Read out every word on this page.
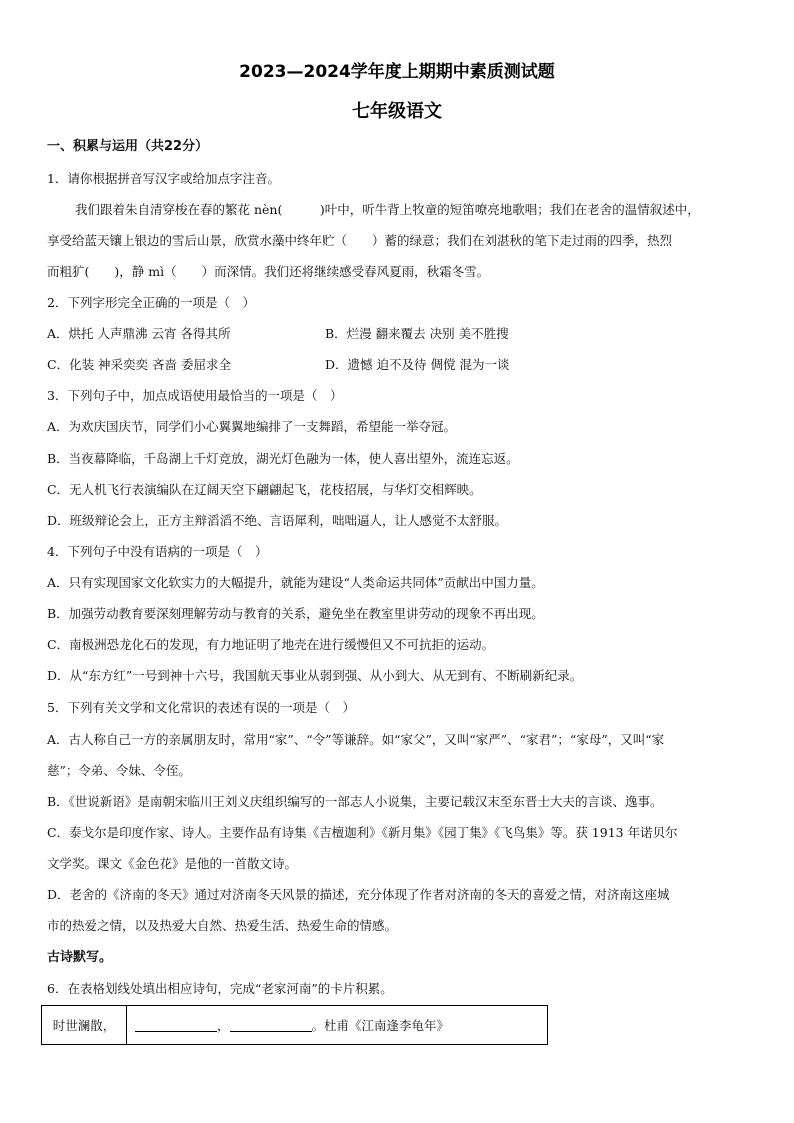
2023—2024学年度上期期中素质测试题
七年级语文
一、积累与运用（共22分）
1．请你根据拼音写汉字或给加点字注音。
我们跟着朱自清穿梭在春的繁花 nèn(　　　)叶中，听牛背上牧童的短笛嘹亮地歌唱；我们在老舍的温情叙述中，
享受给蓝天镶上银边的雪后山景，欣赏水藻中终年贮（　　）蓄的绿意；我们在刘湛秋的笔下走过雨的四季，热烈
而粗犷(　　)，静 mì（　　）而深情。我们还将继续感受春风夏雨，秋霜冬雪。
2．下列字形完全正确的一项是（　）
A．烘托 人声鼎沸 云宵 各得其所	B．烂漫 翻来覆去 决别 美不胜搜
C．化装 神采奕奕 吝啬 委屈求全	D．遗憾 迫不及待 倜傥 混为一谈
3．下列句子中，加点成语使用最恰当的一项是（　）
A．为欢庆国庆节，同学们小心翼翼地编排了一支舞蹈，希望能一举夺冠。
B．当夜幕降临，千岛湖上千灯竞放，湖光灯色融为一体，使人喜出望外，流连忘返。
C．无人机飞行表演编队在辽阔天空下翩翩起飞，花枝招展，与华灯交相辉映。
D．班级辩论会上，正方主辩滔滔不绝、言语犀利，咄咄逼人，让人感觉不太舒服。
4．下列句子中没有语病的一项是（　）
A．只有实现国家文化软实力的大幅提升，就能为建设“人类命运共同体”贡献出中国力量。
B．加强劳动教育要深刻理解劳动与教育的关系，避免坐在教室里讲劳动的现象不再出现。
C．南极洲恐龙化石的发现，有力地证明了地壳在进行缓慢但又不可抗拒的运动。
D．从“东方红”一号到神十六号，我国航天事业从弱到强、从小到大、从无到有、不断刷新纪录。
5．下列有关文学和文化常识的表述有误的一项是（　）
A．古人称自己一方的亲属朋友时，常用“家”、“令”等谦辞。如“家父”，又叫“家严”、“家君”；“家母”，又叫“家
慈”；令弟、令妹、令侄。
B．《世说新语》是南朝宋临川王刘义庆组织编写的一部志人小说集，主要记载汉末至东晋士大夫的言谈、逸事。
C．泰戈尔是印度作家、诗人。主要作品有诗集《吉檀迦利》《新月集》《园丁集》《飞鸟集》等。获 1913 年诺贝尔
文学奖。课文《金色花》是他的一首散文诗。
D．老舍的《济南的冬天》通过对济南冬天风景的描述，充分体现了作者对济南的冬天的喜爱之情，对济南这座城
市的热爱之情，以及热爱大自然、热爱生活、热爱生命的情感。
古诗默写。
6．在表格划线处填出相应诗句，完成“老家河南”的卡片积累。
时世澜散，	，	。杜甫《江南逢李龟年》
